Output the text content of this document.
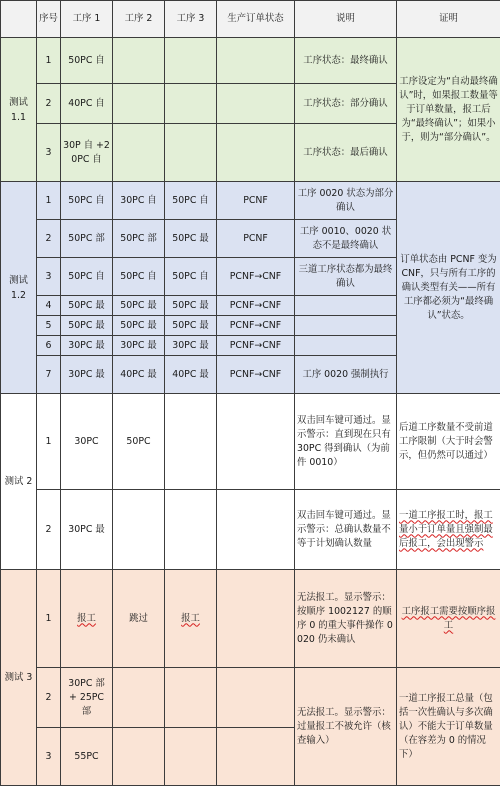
	序号	工序 1	工序 2	工序 3	生产订单状态	说明	证明
测试 1.1	1	50PC 自				工序状态：最终确认	工序设定为“自动最终确认”时，如果报工数量等于订单数量，报工后为“最终确认”；如果小于，则为“部分确认”。
	2	40PC 自				工序状态：部分确认	
	3	30P 自 +20PC 自				工序状态：最后确认	
测试 1.2	1	50PC 自	30PC 自	50PC 自	PCNF	工序 0020 状态为部分确认	订单状态由 PCNF 变为 CNF，只与所有工序的确认类型有关——所有工序都必须为“最终确认”状态。
	2	50PC 部	50PC 部	50PC 最	PCNF	工序 0010、0020 状态不是最终确认	
	3	50PC 自	50PC 自	50PC 自	PCNF→CNF	三道工序状态都为最终确认	
	4	50PC 最	50PC 最	50PC 最	PCNF→CNF		
	5	50PC 最	50PC 最	50PC 最	PCNF→CNF		
	6	30PC 最	30PC 最	30PC 最	PCNF→CNF		
	7	30PC 最	40PC 最	40PC 最	PCNF→CNF	工序 0020 强制执行	
测试 2	1	30PC	50PC			双击回车键可通过。显示警示：直到现在只有 30PC 得到确认（为前件 0010）	后道工序数量不受前道工序限制（大于时会警示，但仍然可以通过）
	2	30PC 最				双击回车键可通过。显示警示：总确认数量不等于计划确认数量	一道工序报工时，报工量小于订单量且强制最后报工，会出现警示
测试 3	1	报工	跳过	报工		无法报工。显示警示：按顺序 1002127 的顺序 0 的重大事件操作 0020 仍未确认	工序报工需要按顺序报工
	2	30PC 部 + 25PC 部				无法报工。显示警示：过量报工不被允许（核查输入）	一道工序报工总量（包括一次性确认与多次确认）不能大于订单数量（在容差为 0 的情况下）
	3	55PC					
